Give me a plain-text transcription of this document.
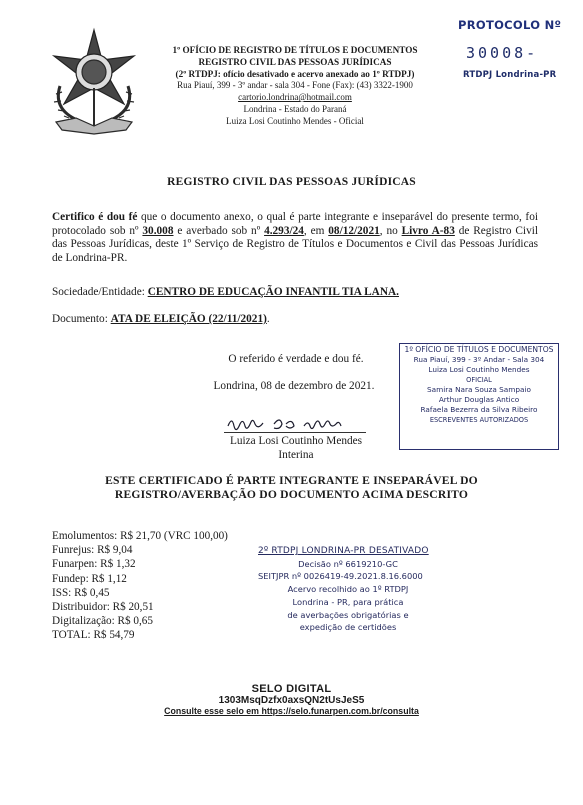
PROTOCOLO Nº
30008-
RTDPJ Londrina-PR
1º OFÍCIO DE REGISTRO DE TÍTULOS E DOCUMENTOS
REGISTRO CIVIL DAS PESSOAS JURÍDICAS
(2º RTDPJ: ofício desativado e acervo anexado ao 1º RTDPJ)
Rua Piauí, 399 - 3º andar - sala 304 - Fone (Fax): (43) 3322-1900
cartorio.londrina@hotmail.com
Londrina - Estado do Paraná
Luiza Losi Coutinho Mendes - Oficial
REGISTRO CIVIL DAS PESSOAS JURÍDICAS
Certifico é dou fé que o documento anexo, o qual é parte integrante e inseparável do presente termo, foi protocolado sob nº 30.008 e averbado sob nº 4.293/24, em 08/12/2021, no Livro A-83 de Registro Civil das Pessoas Jurídicas, deste 1º Serviço de Registro de Títulos e Documentos e Civil das Pessoas Jurídicas de Londrina-PR.
Sociedade/Entidade: CENTRO DE EDUCAÇÃO INFANTIL TIA LANA.
Documento: ATA DE ELEIÇÃO (22/11/2021).
O referido é verdade e dou fé.
Londrina, 08 de dezembro de 2021.
Luiza Losi Coutinho Mendes
Interina
1º OFÍCIO DE TÍTULOS E DOCUMENTOS
Rua Piauí, 399 - 3º Andar - Sala 304
Luiza Losi Coutinho Mendes
OFICIAL
Samira Nara Souza Sampaio
Arthur Douglas Antico
Rafaela Bezerra da Silva Ribeiro
ESCREVENTES AUTORIZADOS
ESTE CERTIFICADO É PARTE INTEGRANTE E INSEPARÁVEL DO
REGISTRO/AVERBAÇÃO DO DOCUMENTO ACIMA DESCRITO
Emolumentos: R$ 21,70 (VRC 100,00)
Funrejus: R$ 9,04
Funarpen: R$ 1,32
Fundep: R$ 1,12
ISS: R$ 0,45
Distribuidor: R$ 20,51
Digitalização: R$ 0,65
TOTAL: R$ 54,79
2º RTDPJ LONDRINA-PR DESATIVADO
Decisão nº 6619210-GC
SEITJPR nº 0026419-49.2021.8.16.6000
Acervo recolhido ao 1º RTDPJ
Londrina - PR, para prática
de averbações obrigatórias e
expedição de certidões
SELO DIGITAL
1303MsqDzfx0axsQN2tUsJeS5
Consulte esse selo em https://selo.funarpen.com.br/consulta
